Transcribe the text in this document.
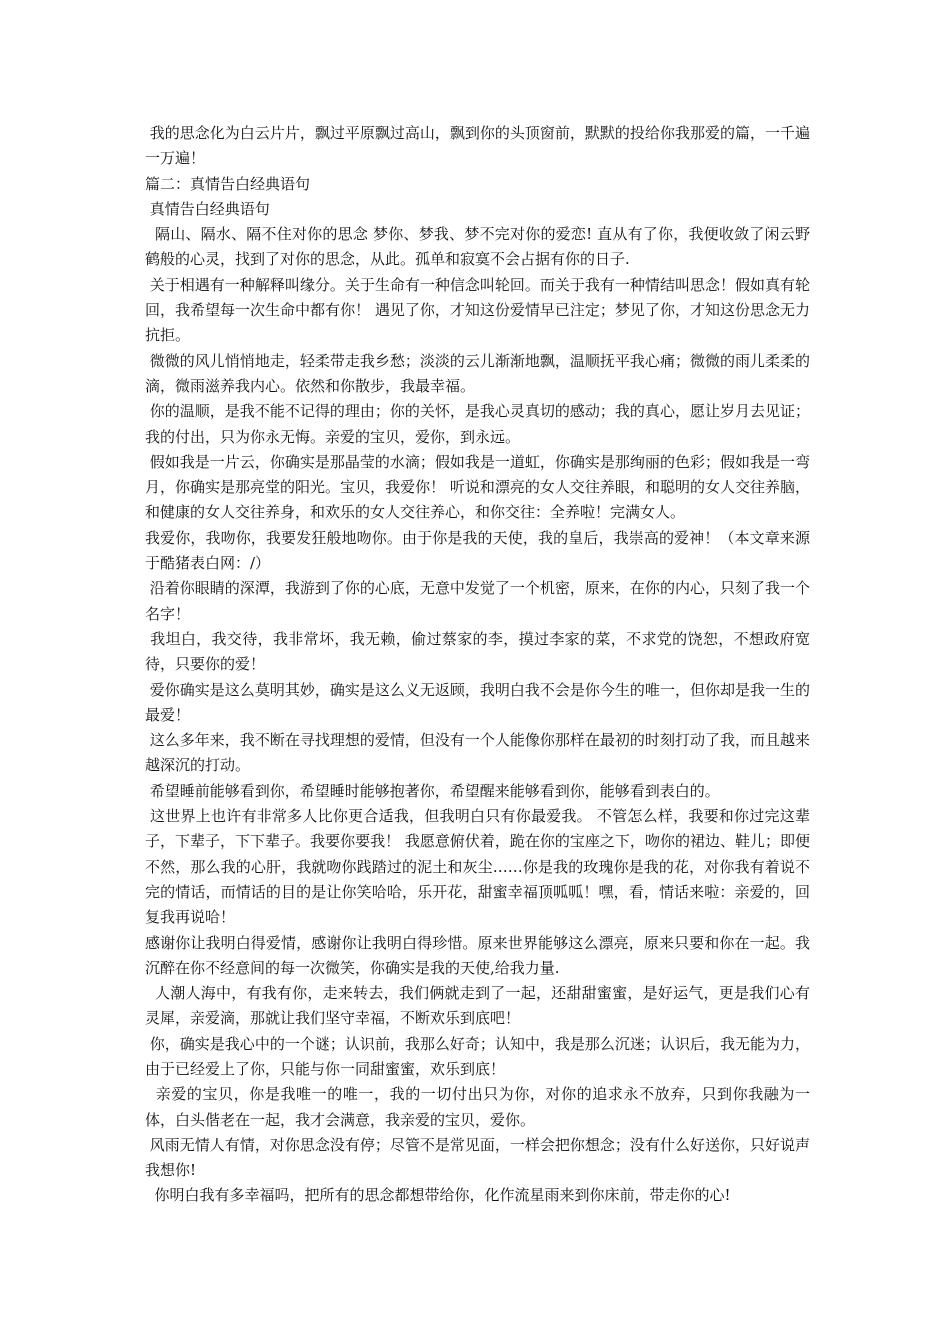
我的思念化为白云片片，飘过平原飘过高山，飘到你的头顶窗前，默默的投给你我那爱的篇，一千遍一万遍！

篇二：真情告白经典语句

真情告白经典语句

隔山、隔水、隔不住对你的思念 梦你、梦我、梦不完对你的爱恋! 直从有了你，我便收敛了闲云野鹤般的心灵，找到了对你的思念，从此。孤单和寂寞不会占据有你的日子.

关于相遇有一种解释叫缘分。关于生命有一种信念叫轮回。而关于我有一种情结叫思念！假如真有轮回，我希望每一次生命中都有你！ 遇见了你，才知这份爱情早已注定；梦见了你，才知这份思念无力抗拒。

微微的风儿悄悄地走，轻柔带走我乡愁；淡淡的云儿渐渐地飘，温顺抚平我心痛；微微的雨儿柔柔的滴，微雨滋养我内心。依然和你散步，我最幸福。

你的温顺，是我不能不记得的理由；你的关怀，是我心灵真切的感动；我的真心，愿让岁月去见证；我的付出，只为你永无悔。亲爱的宝贝，爱你，到永远。

假如我是一片云，你确实是那晶莹的水滴；假如我是一道虹，你确实是那绚丽的色彩；假如我是一弯月，你确实是那亮堂的阳光。宝贝，我爱你！ 听说和漂亮的女人交往养眼，和聪明的女人交往养脑，和健康的女人交往养身，和欢乐的女人交往养心，和你交往：全养啦！完满女人。

我爱你，我吻你，我要发狂般地吻你。由于你是我的天使，我的皇后，我崇高的爱神！（本文章来源于酷猪表白网：/）

沿着你眼睛的深潭，我游到了你的心底，无意中发觉了一个机密，原来，在你的内心，只刻了我一个名字！

我坦白，我交待，我非常坏，我无赖，偷过蔡家的李，摸过李家的菜，不求党的饶恕，不想政府宽待，只要你的爱！

爱你确实是这么莫明其妙，确实是这么义无返顾，我明白我不会是你今生的唯一，但你却是我一生的最爱！

这么多年来，我不断在寻找理想的爱情，但没有一个人能像你那样在最初的时刻打动了我，而且越来越深沉的打动。

希望睡前能够看到你，希望睡时能够抱著你，希望醒来能够看到你，能够看到表白的。

这世界上也许有非常多人比你更合适我，但我明白只有你最爱我。 不管怎么样，我要和你过完这辈子，下辈子，下下辈子。我要你要我！ 我愿意俯伏着，跪在你的宝座之下，吻你的裙边、鞋儿；即便不然，那么我的心肝，我就吻你践踏过的泥土和灰尘……你是我的玫瑰你是我的花，对你我有着说不完的情话，而情话的目的是让你笑哈哈，乐开花，甜蜜幸福顶呱呱！嘿，看，情话来啦：亲爱的，回复我再说哈！

感谢你让我明白得爱情，感谢你让我明白得珍惜。原来世界能够这么漂亮，原来只要和你在一起。我沉醉在你不经意间的每一次微笑，你确实是我的天使,给我力量.

人潮人海中，有我有你，走来转去，我们俩就走到了一起，还甜甜蜜蜜，是好运气，更是我们心有灵犀，亲爱滴，那就让我们坚守幸福，不断欢乐到底吧！

你，确实是我心中的一个谜；认识前，我那么好奇；认知中，我是那么沉迷；认识后，我无能为力，由于已经爱上了你，只能与你一同甜蜜蜜，欢乐到底！

亲爱的宝贝，你是我唯一的唯一，我的一切付出只为你，对你的追求永不放弃，只到你我融为一体，白头偕老在一起，我才会满意，我亲爱的宝贝，爱你。

风雨无情人有情，对你思念没有停；尽管不是常见面，一样会把你想念；没有什么好送你，只好说声我想你!

你明白我有多幸福吗，把所有的思念都想带给你，化作流星雨来到你床前，带走你的心!
